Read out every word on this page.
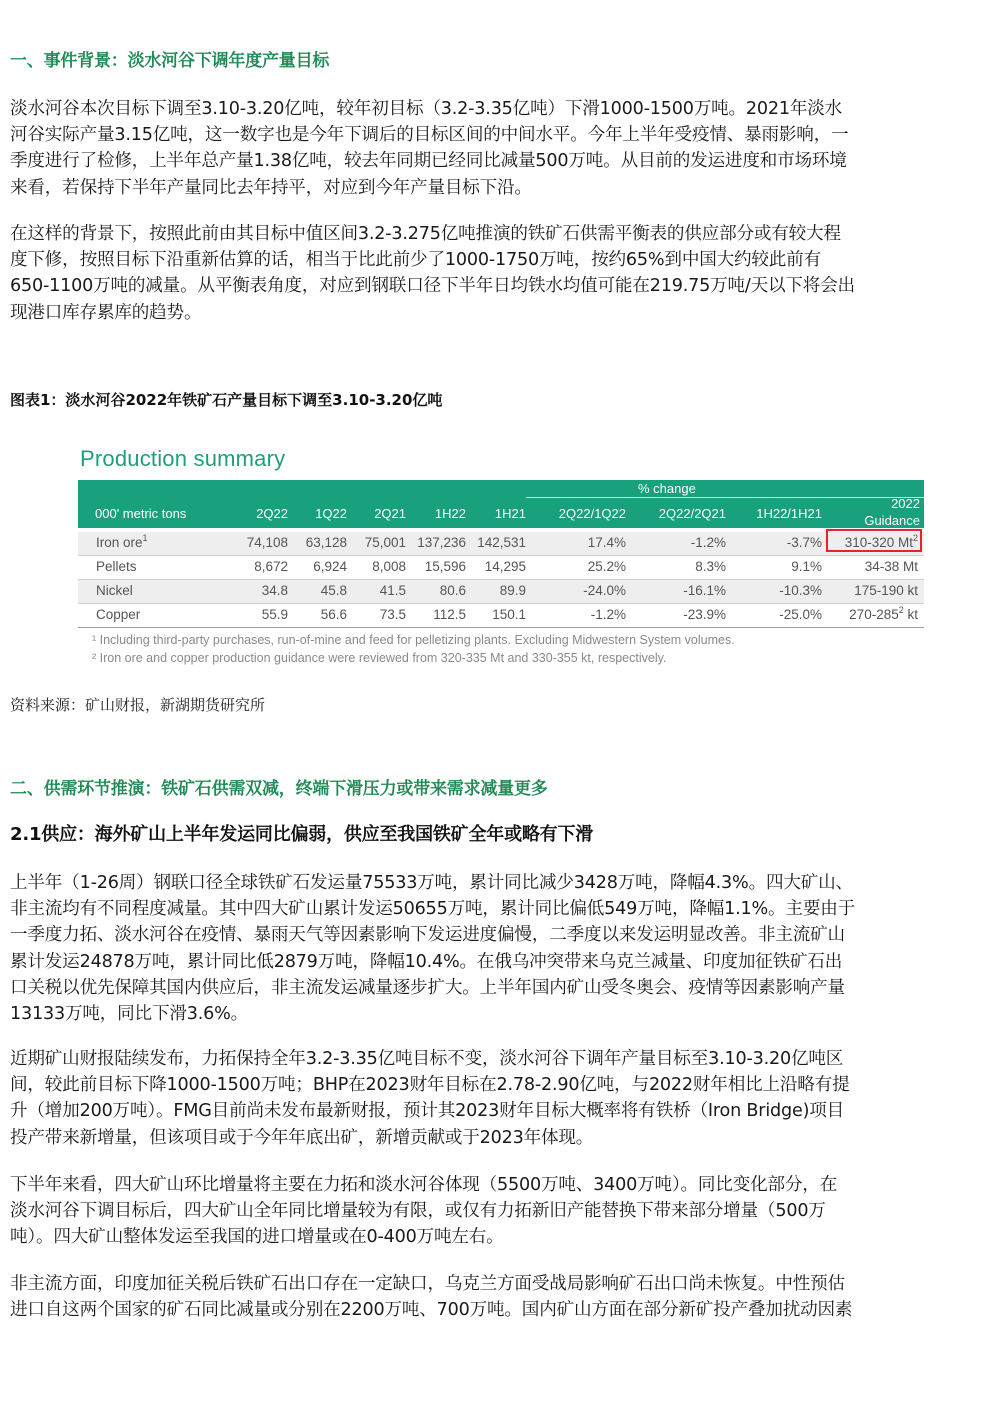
一、事件背景：淡水河谷下调年度产量目标
淡水河谷本次目标下调至3.10-3.20亿吨，较年初目标（3.2-3.35亿吨）下滑1000-1500万吨。2021年淡水
河谷实际产量3.15亿吨，这一数字也是今年下调后的目标区间的中间水平。今年上半年受疫情、暴雨影响，一
季度进行了检修，上半年总产量1.38亿吨，较去年同期已经同比减量500万吨。从目前的发运进度和市场环境
来看，若保持下半年产量同比去年持平，对应到今年产量目标下沿。
在这样的背景下，按照此前由其目标中值区间3.2-3.275亿吨推演的铁矿石供需平衡表的供应部分或有较大程
度下修，按照目标下沿重新估算的话，相当于比此前少了1000-1750万吨，按约65%到中国大约较此前有
650-1100万吨的减量。从平衡表角度，对应到钢联口径下半年日均铁水均值可能在219.75万吨/天以下将会出
现港口库存累库的趋势。
图表1：淡水河谷2022年铁矿石产量目标下调至3.10-3.20亿吨
Production summary
% change
000' metric tons	2Q22 1Q22 2Q21 1H22 1H21	2Q22/1Q22	2Q22/2Q21 1H22/1H21
2022
Guidance
Iron ore$^1$	74,108 63,128 75,001 137,236 142,531	17.4%	-1.2%	-3.7% 310-320 Mt$^2$
Pellets	8,672 6,924 8,008 15,596 14,295	25.2%	8.3%	9.1%	34-38 Mt
Nickel	34.8 45.8 41.5 80.6 89.9	-24.0%	-16.1%	-10.3% 175-190 kt
Copper	55.9 56.6 73.5 112.5 150.1	-1.2%	-23.9%	-25.0% $270-285^2$ kt
¹ Including third-party purchases, run-of-mine and feed for pelletizing plants. Excluding Midwestern System volumes.
² Iron ore and copper production guidance were reviewed from 320-335 Mt and 330-355 kt, respectively.
资料来源：矿山财报，新湖期货研究所
二、供需环节推演：铁矿石供需双减，终端下滑压力或带来需求减量更多
2.1供应：海外矿山上半年发运同比偏弱，供应至我国铁矿全年或略有下滑
上半年（1-26周）钢联口径全球铁矿石发运量75533万吨，累计同比减少3428万吨，降幅4.3%。四大矿山、
非主流均有不同程度减量。其中四大矿山累计发运50655万吨，累计同比偏低549万吨，降幅1.1%。主要由于
一季度力拓、淡水河谷在疫情、暴雨天气等因素影响下发运进度偏慢，二季度以来发运明显改善。非主流矿山
累计发运24878万吨，累计同比低2879万吨，降幅10.4%。在俄乌冲突带来乌克兰减量、印度加征铁矿石出
口关税以优先保障其国内供应后，非主流发运减量逐步扩大。上半年国内矿山受冬奥会、疫情等因素影响产量
13133万吨，同比下滑3.6%。
近期矿山财报陆续发布，力拓保持全年3.2-3.35亿吨目标不变，淡水河谷下调年产量目标至3.10-3.20亿吨区
间，较此前目标下降1000-1500万吨；BHP在2023财年目标在2.78-2.90亿吨，与2022财年相比上沿略有提
升（增加200万吨）。FMG目前尚未发布最新财报，预计其2023财年目标大概率将有铁桥（Iron Bridge)项目
投产带来新增量，但该项目或于今年年底出矿，新增贡献或于2023年体现。
下半年来看，四大矿山环比增量将主要在力拓和淡水河谷体现（5500万吨、3400万吨）。同比变化部分，在
淡水河谷下调目标后，四大矿山全年同比增量较为有限，或仅有力拓新旧产能替换下带来部分增量（500万
吨）。四大矿山整体发运至我国的进口增量或在0-400万吨左右。
非主流方面，印度加征关税后铁矿石出口存在一定缺口，乌克兰方面受战局影响矿石出口尚未恢复。中性预估
进口自这两个国家的矿石同比减量或分别在2200万吨、700万吨。国内矿山方面在部分新矿投产叠加扰动因素
